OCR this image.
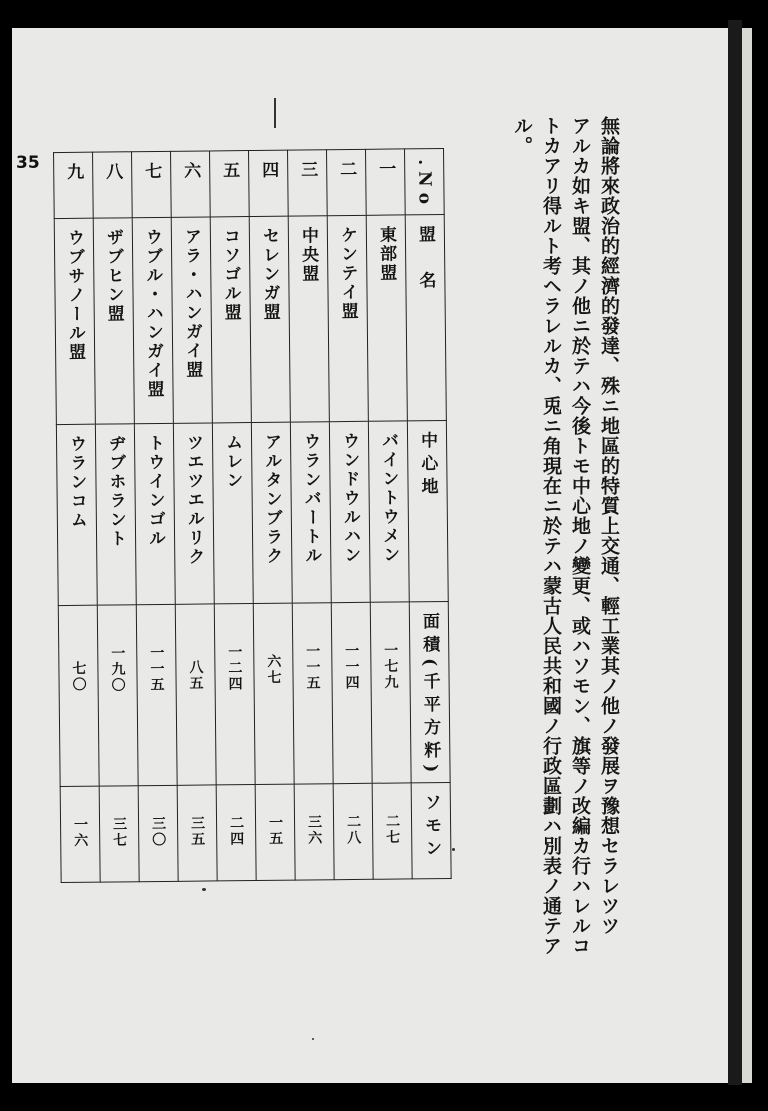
35	無論將來政治的經濟的發達、殊ニ地區的特質上交通、輕工業其ノ他ノ發展ヲ豫想セラレツツ
アルカ如キ盟、其ノ他ニ於テハ今後トモ中心地ノ變更、或ハソモン、旗等ノ改編カ行ハレルコ
トカアリ得ルト考ヘラレルカ、兎ニ角現在ニ於テハ蒙古人民共和國ノ行政區劃ハ別表ノ通テア
ル。
No.	一	二	三	四	五	六	七	八	九
盟　名	東部盟	ケンテイ盟	中央盟	セレンガ盟	コソゴル盟	アラ・ハンガイ盟	ウブル・ハンガイ盟	ザブヒン盟	ウブサノール盟
中心地	バイントウメン	ウンドウルハン	ウランバートル	アルタンブラク	ムレン	ツエツエルリク	トウインゴル	ヂブホラント	ウランコム
面積(千平方粁)	一七九	一一四	一一五	六七	一二四	八五	一一五	一九〇	七〇
ソモン	二七	二八	三六	一五	二四	三五	三〇	三七	一六
